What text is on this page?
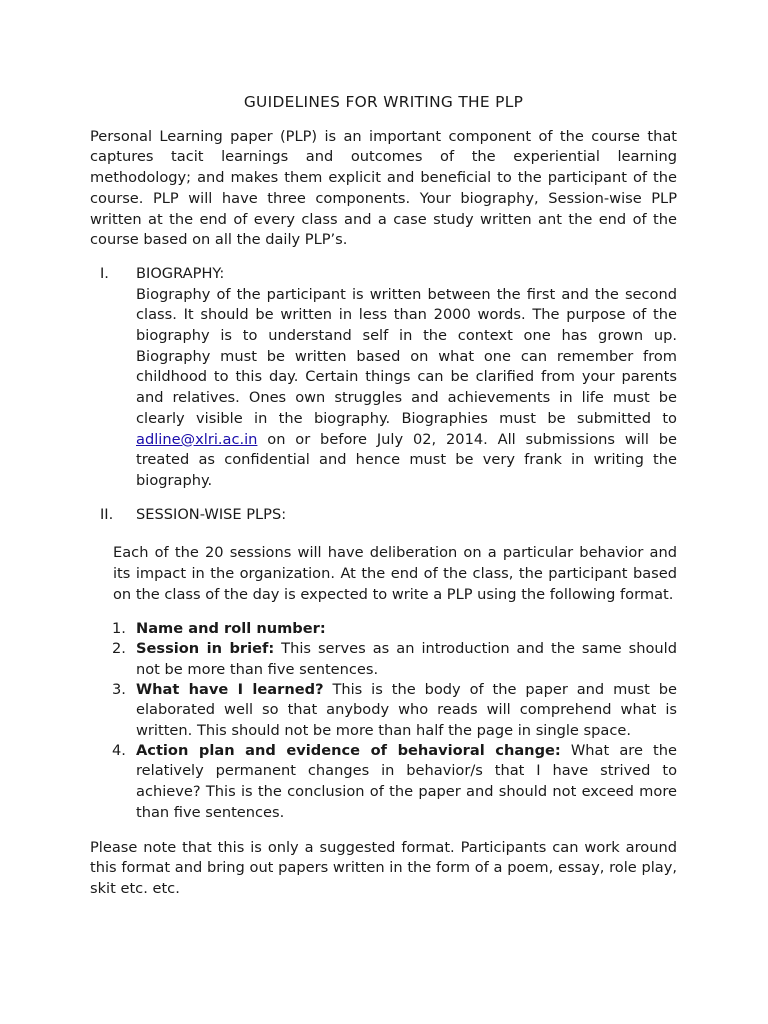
GUIDELINES FOR WRITING THE PLP

Personal Learning paper (PLP) is an important component of the course that captures tacit learnings and outcomes of the experiential learning methodology; and makes them explicit and beneficial to the participant of the course. PLP will have three components. Your biography, Session-wise PLP written at the end of every class and a case study written ant the end of the course based on all the daily PLP’s.

I. BIOGRAPHY:

Biography of the participant is written between the first and the second class. It should be written in less than 2000 words. The purpose of the biography is to understand self in the context one has grown up. Biography must be written based on what one can remember from childhood to this day. Certain things can be clarified from your parents and relatives. Ones own struggles and achievements in life must be clearly visible in the biography. Biographies must be submitted to adline@xlri.ac.in on or before July 02, 2014. All submissions will be treated as confidential and hence must be very frank in writing the biography.

II. SESSION-WISE PLPS:

Each of the 20 sessions will have deliberation on a particular behavior and its impact in the organization. At the end of the class, the participant based on the class of the day is expected to write a PLP using the following format.

1. Name and roll number:
2. Session in brief: This serves as an introduction and the same should not be more than five sentences.
3. What have I learned? This is the body of the paper and must be elaborated well so that anybody who reads will comprehend what is written. This should not be more than half the page in single space.
4. Action plan and evidence of behavioral change: What are the relatively permanent changes in behavior/s that I have strived to achieve? This is the conclusion of the paper and should not exceed more than five sentences.

Please note that this is only a suggested format. Participants can work around this format and bring out papers written in the form of a poem, essay, role play, skit etc. etc.
